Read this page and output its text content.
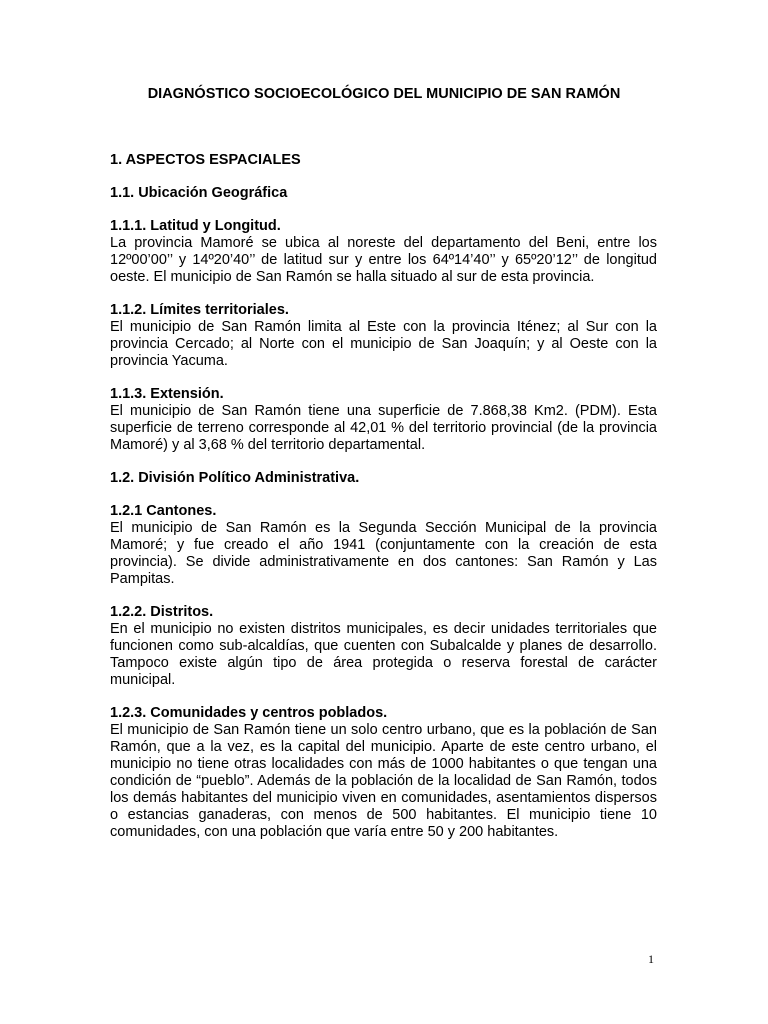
DIAGNÓSTICO SOCIOECOLÓGICO DEL MUNICIPIO DE SAN RAMÓN
1. ASPECTOS ESPACIALES
1.1. Ubicación Geográfica
1.1.1. Latitud y Longitud.

La provincia Mamoré se ubica al noreste del departamento del Beni, entre los 12º00’00’’ y 14º20’40’’ de latitud sur y entre los 64º14’40’’ y 65º20’12’’ de longitud oeste. El municipio de San Ramón se halla situado al sur de esta provincia.

1.1.2. Límites territoriales.

El municipio de San Ramón limita al Este con la provincia Iténez; al Sur con la provincia Cercado; al Norte con el municipio de San Joaquín; y al Oeste con la provincia Yacuma.

1.1.3. Extensión.

El municipio de San Ramón tiene una superficie de 7.868,38 Km2. (PDM). Esta superficie de terreno corresponde al 42,01 % del territorio provincial (de la provincia Mamoré) y al 3,68 % del territorio departamental.

1.2. División Político Administrativa.
1.2.1 Cantones.

El municipio de San Ramón es la Segunda Sección Municipal de la provincia Mamoré; y fue creado el año 1941 (conjuntamente con la creación de esta provincia). Se divide administrativamente en dos cantones: San Ramón y Las Pampitas.

1.2.2. Distritos.

En el municipio no existen distritos municipales, es decir unidades territoriales que funcionen como sub-alcaldías, que cuenten con Subalcalde y planes de desarrollo. Tampoco existe algún tipo de área protegida o reserva forestal de carácter municipal.

1.2.3. Comunidades y centros poblados.

El municipio de San Ramón tiene un solo centro urbano, que es la población de San Ramón, que a la vez, es la capital del municipio. Aparte de este centro urbano, el municipio no tiene otras localidades con más de 1000 habitantes o que tengan una condición de “pueblo”. Además de la población de la localidad de San Ramón, todos los demás habitantes del municipio viven en comunidades, asentamientos dispersos o estancias ganaderas, con menos de 500 habitantes. El municipio tiene 10 comunidades, con una población que varía entre 50 y 200 habitantes.

1
